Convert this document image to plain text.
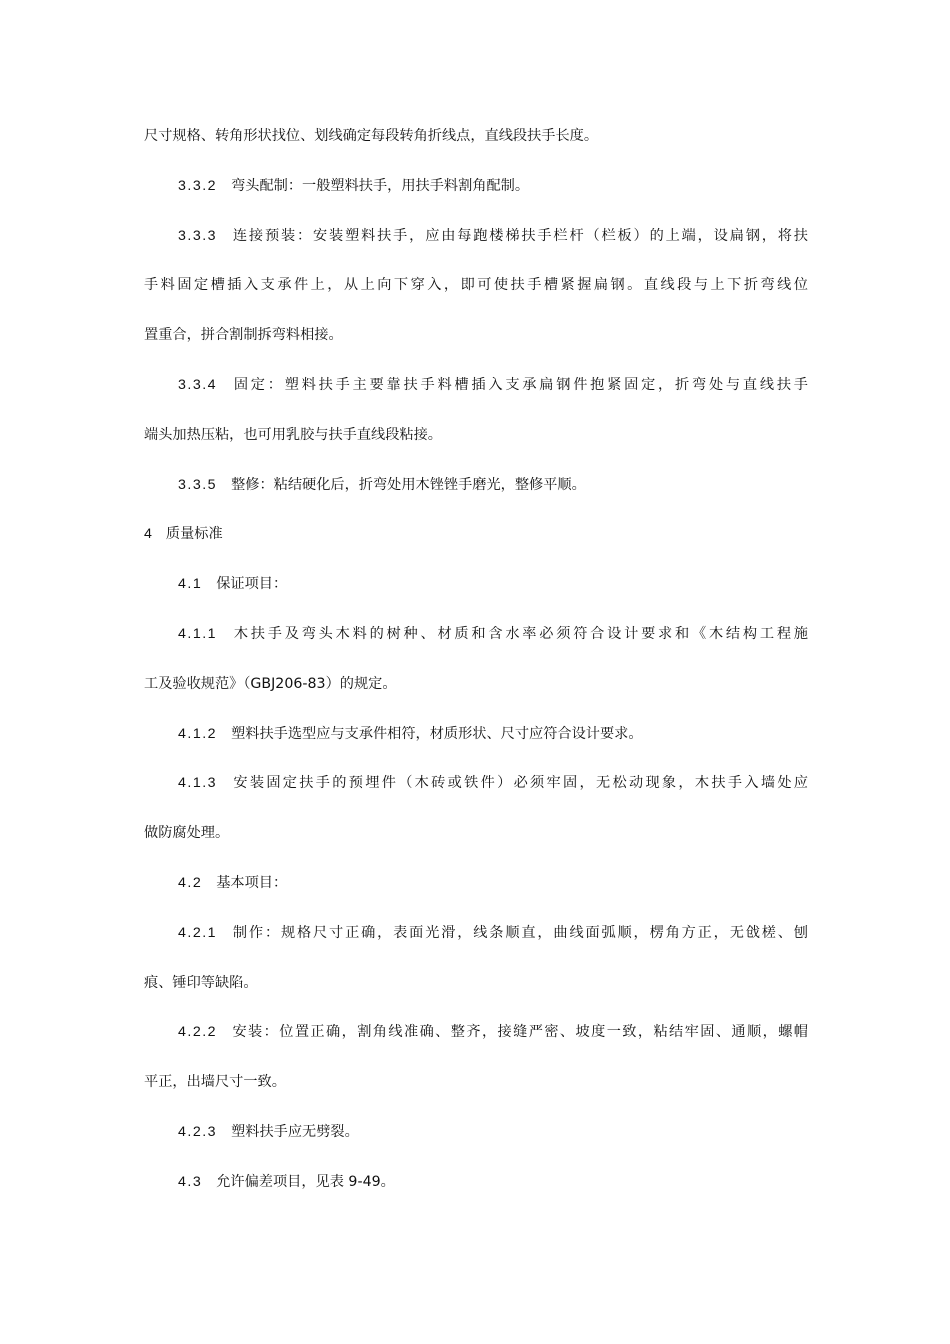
尺寸规格、转角形状找位、划线确定每段转角折线点，直线段扶手长度。
3.3.2 弯头配制：一般塑料扶手，用扶手料割角配制。
3.3.3 连接预装：安装塑料扶手，应由每跑楼梯扶手栏杆（栏板）的上端，设扁钢，将扶
手料固定槽插入支承件上，从上向下穿入，即可使扶手槽紧握扁钢。直线段与上下折弯线位
置重合，拼合割制拆弯料相接。
3.3.4 固定：塑料扶手主要靠扶手料槽插入支承扁钢件抱紧固定，折弯处与直线扶手
端头加热压粘，也可用乳胶与扶手直线段粘接。
3.3.5 整修：粘结硬化后，折弯处用木锉锉手磨光，整修平顺。
4 质量标准
4.1 保证项目：
4.1.1 木扶手及弯头木料的树种、材质和含水率必须符合设计要求和《木结构工程施
工及验收规范》（GBJ206-83）的规定。
4.1.2 塑料扶手选型应与支承件相符，材质形状、尺寸应符合设计要求。
4.1.3 安装固定扶手的预埋件（木砖或铁件）必须牢固，无松动现象，木扶手入墙处应
做防腐处理。
4.2 基本项目：
4.2.1 制作：规格尺寸正确，表面光滑，线条顺直，曲线面弧顺，楞角方正，无戗槎、刨
痕、锤印等缺陷。
4.2.2 安装：位置正确，割角线准确、整齐，接缝严密、坡度一致，粘结牢固、通顺，螺帽
平正，出墙尺寸一致。
4.2.3 塑料扶手应无劈裂。
4.3 允许偏差项目，见表 9-49。
